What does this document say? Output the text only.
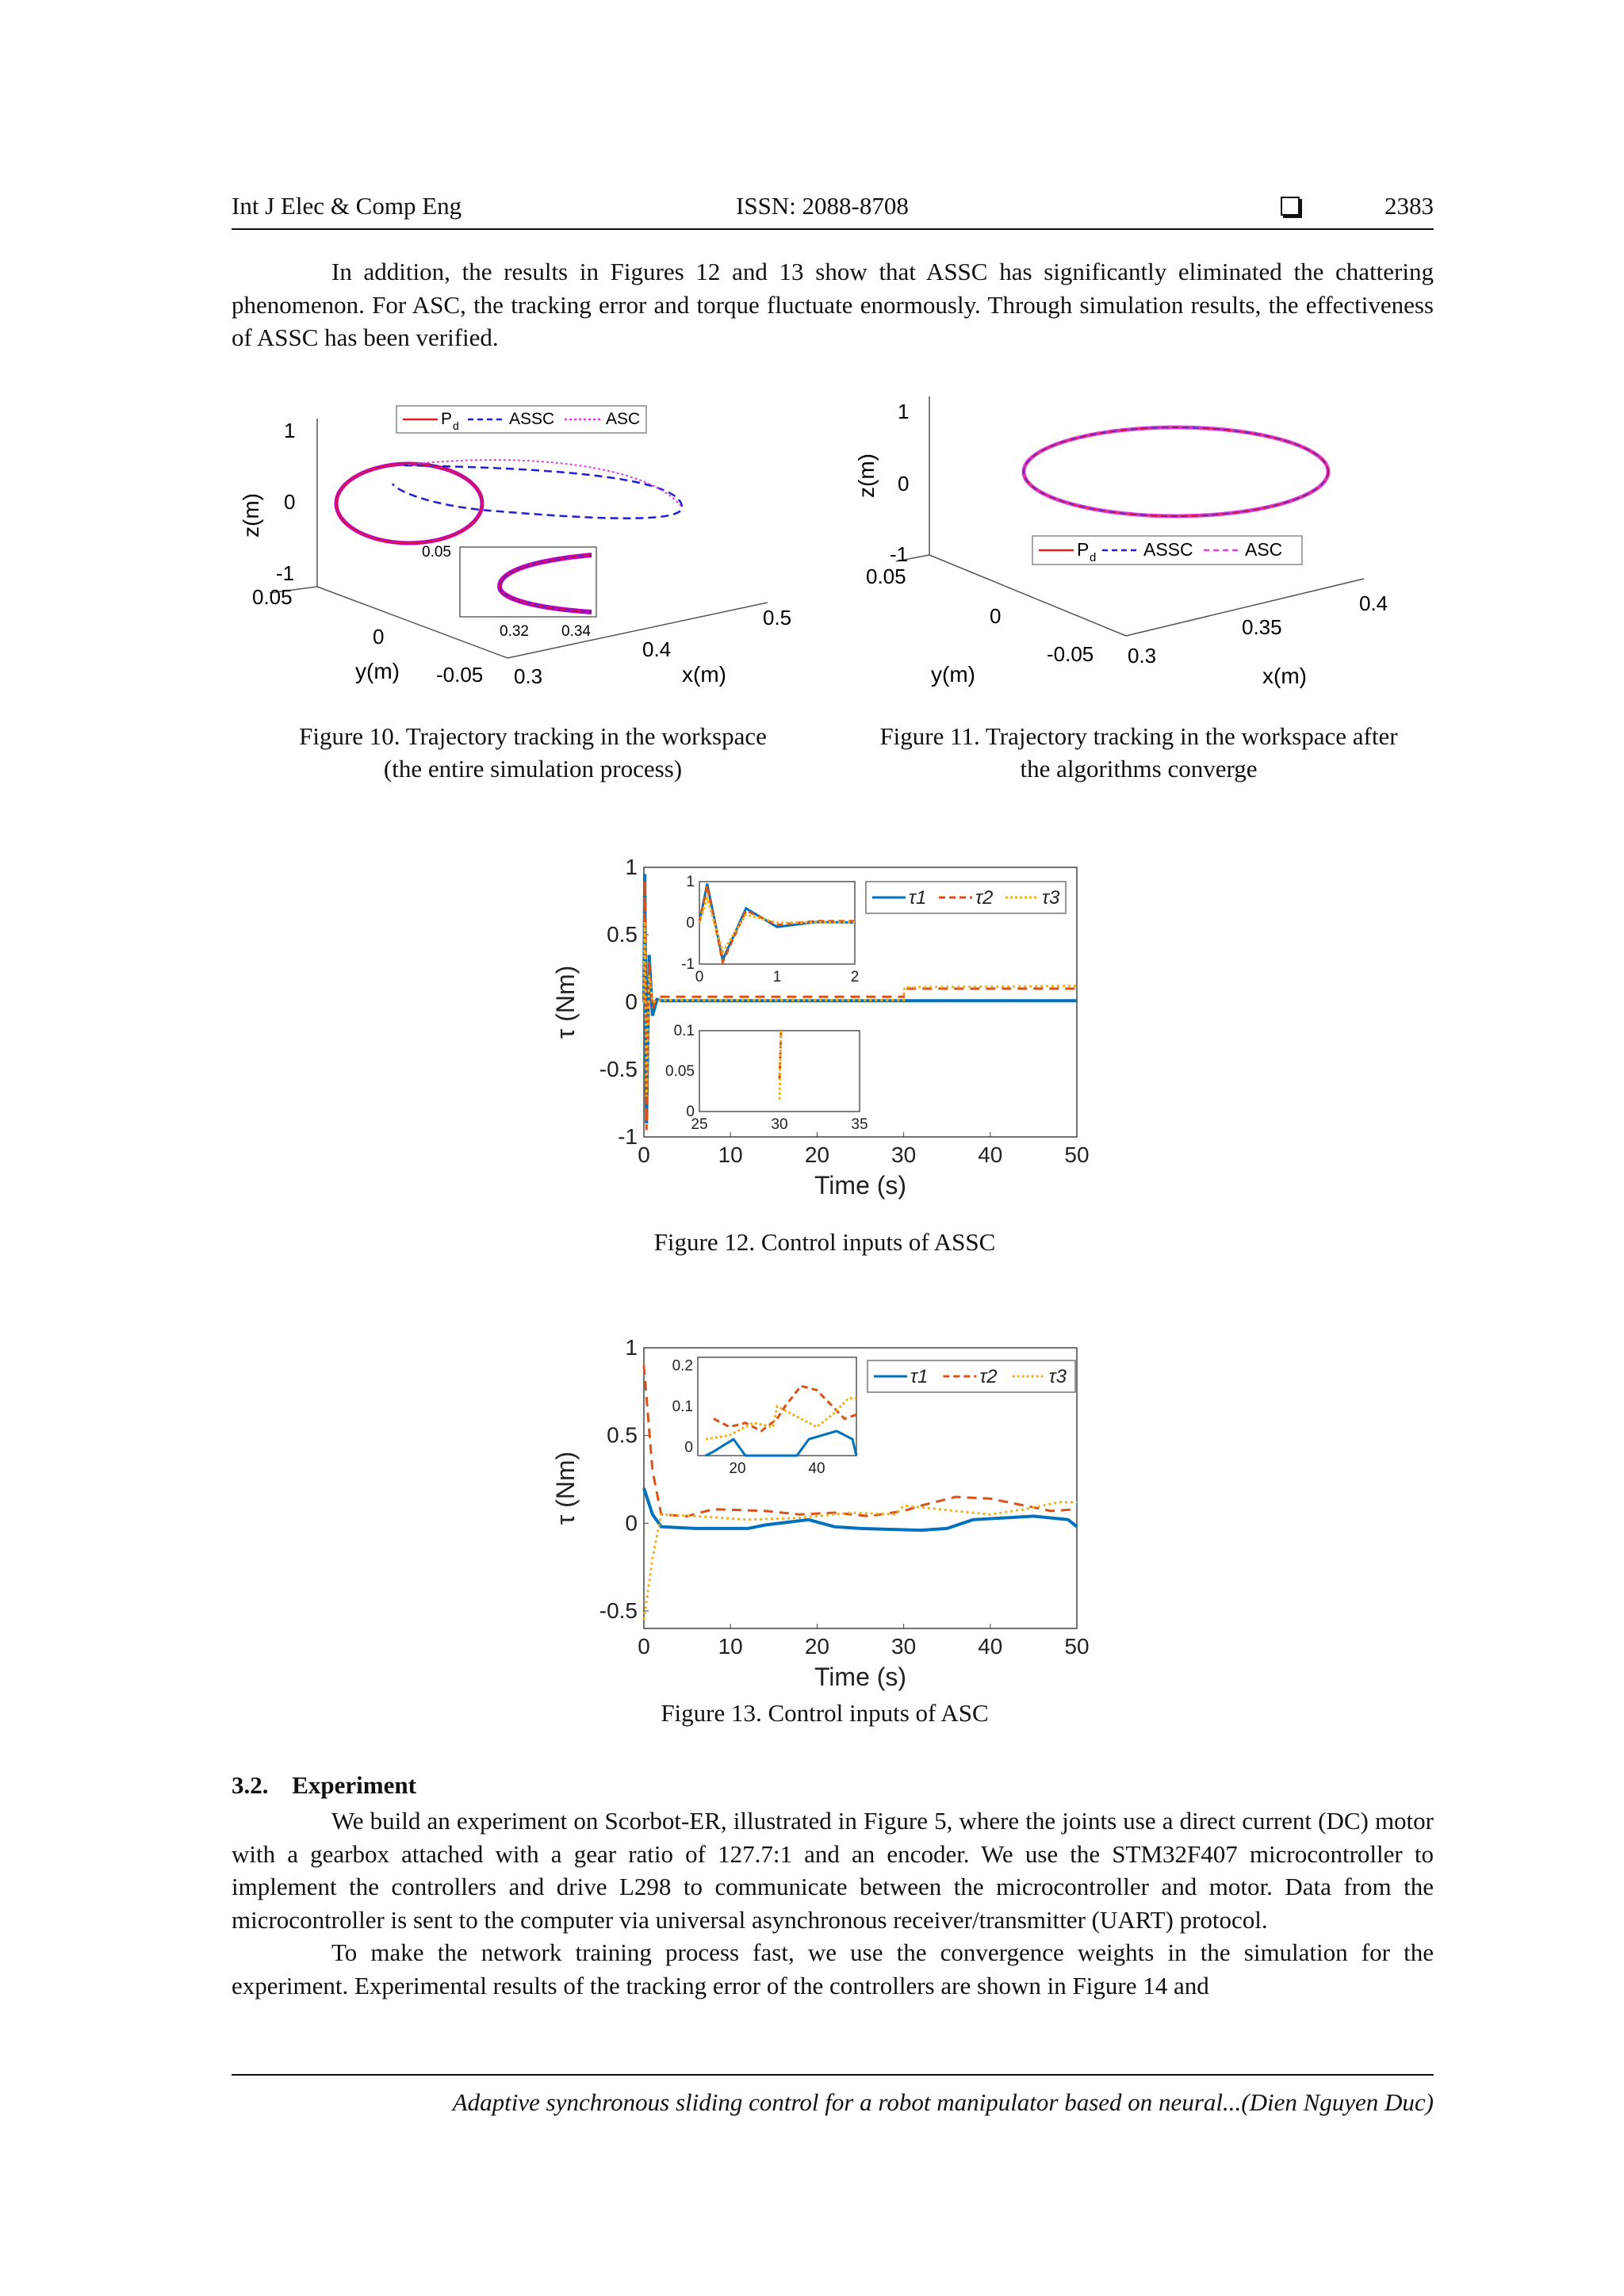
Int J Elec & Comp Eng	ISSN: 2088-8708	2383

In addition, the results in Figures 12 and 13 show that ASSC has significantly eliminated the chattering phenomenon. For ASC, the tracking error and torque fluctuate enormously. Through simulation results, the effectiveness of ASSC has been verified.

P d	ASSC	ASC
0.05
0.32 0.34
1
0
-1
0.05
0
-0.05 0.3
0.4
0.5
z(m)
y(m)	x(m)
Figure 10. Trajectory tracking in the workspace
(the entire simulation process)
P d	ASSC	ASC
1
0
-1
0.05
0
-0.05 0.3
0.35
0.4
z(m)
y(m)	x(m)
Figure 11. Trajectory tracking in the workspace after
the algorithms converge
0	10	20	30	40	50
1
0.5
0
-0.5
-1
Time (s)
τ (Nm)
τ1	τ2	τ3
0	1	2
1
0
-1
25	30	35
0.1
0.05
0
Figure 12. Control inputs of ASSC
0	10	20	30	40	50
1
0.5
0
-0.5
Time (s)
τ (Nm)
τ1	τ2	τ3
20	40
0.2
0.1
0
Figure 13. Control inputs of ASC
3.2. Experiment

We build an experiment on Scorbot-ER, illustrated in Figure 5, where the joints use a direct current (DC) motor with a gearbox attached with a gear ratio of 127.7:1 and an encoder. We use the STM32F407 microcontroller to implement the controllers and drive L298 to communicate between the microcontroller and motor. Data from the microcontroller is sent to the computer via universal asynchronous receiver/transmitter (UART) protocol.

To make the network training process fast, we use the convergence weights in the simulation for the experiment. Experimental results of the tracking error of the controllers are shown in Figure 14 and

Adaptive synchronous sliding control for a robot manipulator based on neural...(Dien Nguyen Duc)
